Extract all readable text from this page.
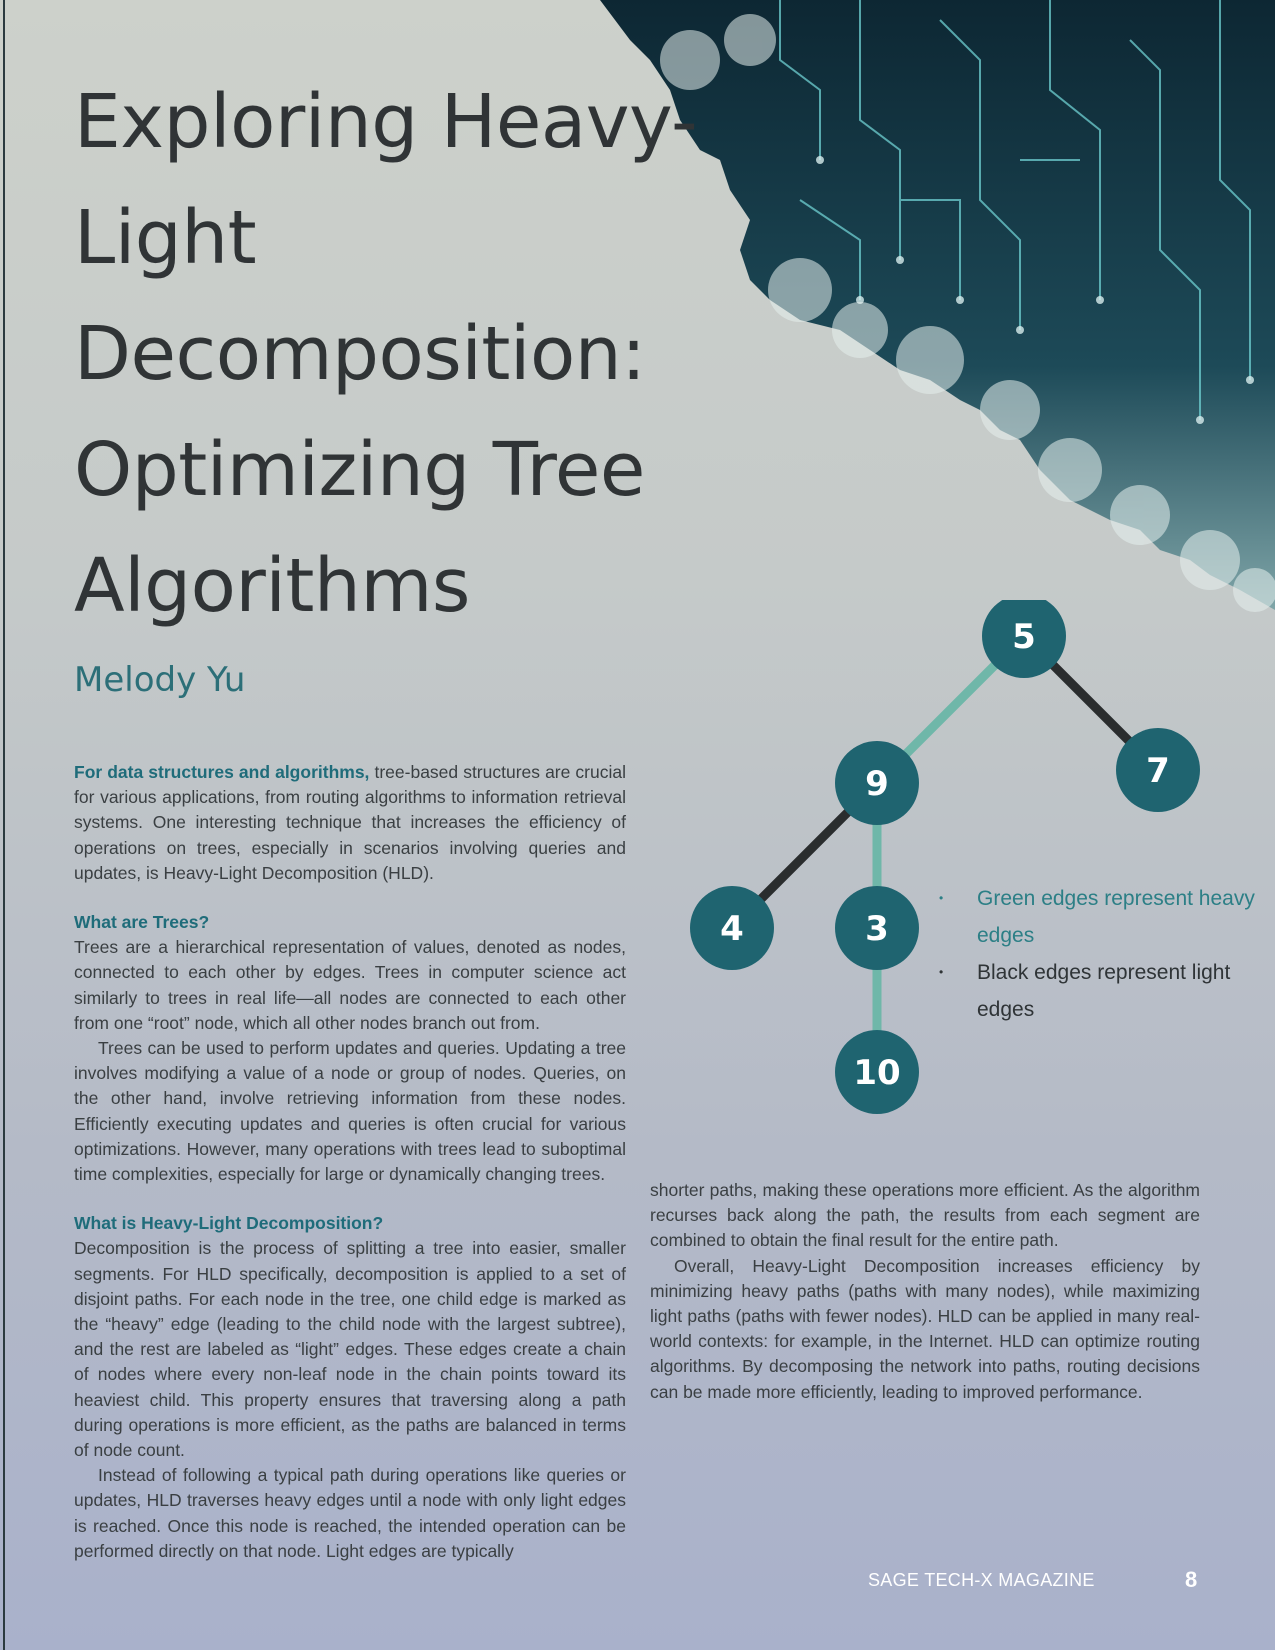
Exploring Heavy-Light Decomposition: Optimizing Tree Algorithms
Melody Yu

For data structures and algorithms, tree-based structures are crucial for various applications, from routing algorithms to information retrieval systems. One interesting technique that increases the efficiency of operations on trees, especially in scenarios involving queries and updates, is Heavy-Light Decomposition (HLD).

What are Trees?

Trees are a hierarchical representation of values, denoted as nodes, connected to each other by edges. Trees in computer science act similarly to trees in real life—all nodes are connected to each other from one “root” node, which all other nodes branch out from.

Trees can be used to perform updates and queries. Updating a tree involves modifying a value of a node or group of nodes. Queries, on the other hand, involve retrieving information from these nodes. Efficiently executing updates and queries is often crucial for various optimizations. However, many operations with trees lead to suboptimal time complexities, especially for large or dynamically changing trees.

What is Heavy-Light Decomposition?

Decomposition is the process of splitting a tree into easier, smaller segments. For HLD specifically, decomposition is applied to a set of disjoint paths. For each node in the tree, one child edge is marked as the “heavy” edge (leading to the child node with the largest subtree), and the rest are labeled as “light” edges. These edges create a chain of nodes where every non-leaf node in the chain points toward its heaviest child. This property ensures that traversing along a path during operations is more efficient, as the paths are balanced in terms of node count.

Instead of following a typical path during operations like queries or updates, HLD traverses heavy edges until a node with only light edges is reached. Once this node is reached, the intended operation can be performed directly on that node. Light edges are typically

shorter paths, making these operations more efficient. As the algorithm recurses back along the path, the results from each segment are combined to obtain the final result for the entire path.

Overall, Heavy-Light Decomposition increases efficiency by minimizing heavy paths (paths with many nodes), while maximizing light paths (paths with fewer nodes). HLD can be applied in many real-world contexts: for example, in the Internet. HLD can optimize routing algorithms. By decomposing the network into paths, routing decisions can be made more efficiently, leading to improved performance.

5
9	7
4	3
10
• Green edges represent heavy edges
• Black edges represent light edges
SAGE TECH-X MAGAZINE	8
